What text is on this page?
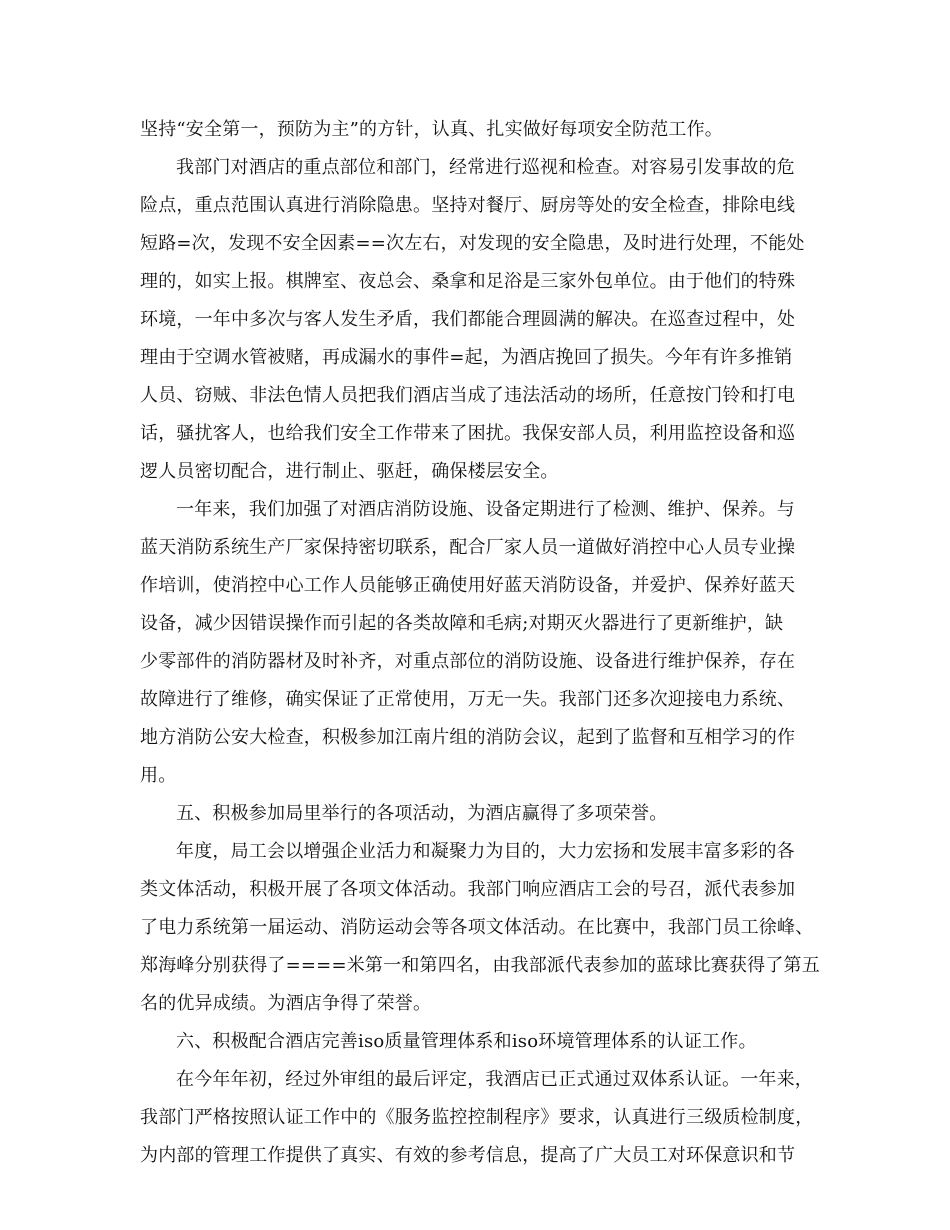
坚持“安全第一，预防为主”的方针，认真、扎实做好每项安全防范工作。
我部门对酒店的重点部位和部门，经常进行巡视和检查。对容易引发事故的危
险点，重点范围认真进行消除隐患。坚持对餐厅、厨房等处的安全检查，排除电线
短路=次，发现不安全因素==次左右，对发现的安全隐患，及时进行处理，不能处
理的，如实上报。棋牌室、夜总会、桑拿和足浴是三家外包单位。由于他们的特殊
环境，一年中多次与客人发生矛盾，我们都能合理圆满的解决。在巡查过程中，处
理由于空调水管被赌，再成漏水的事件=起，为酒店挽回了损失。今年有许多推销
人员、窃贼、非法色情人员把我们酒店当成了违法活动的场所，任意按门铃和打电
话，骚扰客人，也给我们安全工作带来了困扰。我保安部人员，利用监控设备和巡
逻人员密切配合，进行制止、驱赶，确保楼层安全。
一年来，我们加强了对酒店消防设施、设备定期进行了检测、维护、保养。与
蓝天消防系统生产厂家保持密切联系，配合厂家人员一道做好消控中心人员专业操
作培训，使消控中心工作人员能够正确使用好蓝天消防设备，并爱护、保养好蓝天
设备，减少因错误操作而引起的各类故障和毛病;对期灭火器进行了更新维护，缺
少零部件的消防器材及时补齐，对重点部位的消防设施、设备进行维护保养，存在
故障进行了维修，确实保证了正常使用，万无一失。我部门还多次迎接电力系统、
地方消防公安大检查，积极参加江南片组的消防会议，起到了监督和互相学习的作
用。
五、积极参加局里举行的各项活动，为酒店赢得了多项荣誉。
年度，局工会以增强企业活力和凝聚力为目的，大力宏扬和发展丰富多彩的各
类文体活动，积极开展了各项文体活动。我部门响应酒店工会的号召，派代表参加
了电力系统第一届运动、消防运动会等各项文体活动。在比赛中，我部门员工徐峰、
郑海峰分别获得了====米第一和第四名，由我部派代表参加的蓝球比赛获得了第五
名的优异成绩。为酒店争得了荣誉。
六、积极配合酒店完善iso质量管理体系和iso环境管理体系的认证工作。
在今年年初，经过外审组的最后评定，我酒店已正式通过双体系认证。一年来，
我部门严格按照认证工作中的《服务监控控制程序》要求，认真进行三级质检制度，
为内部的管理工作提供了真实、有效的参考信息，提高了广大员工对环保意识和节
